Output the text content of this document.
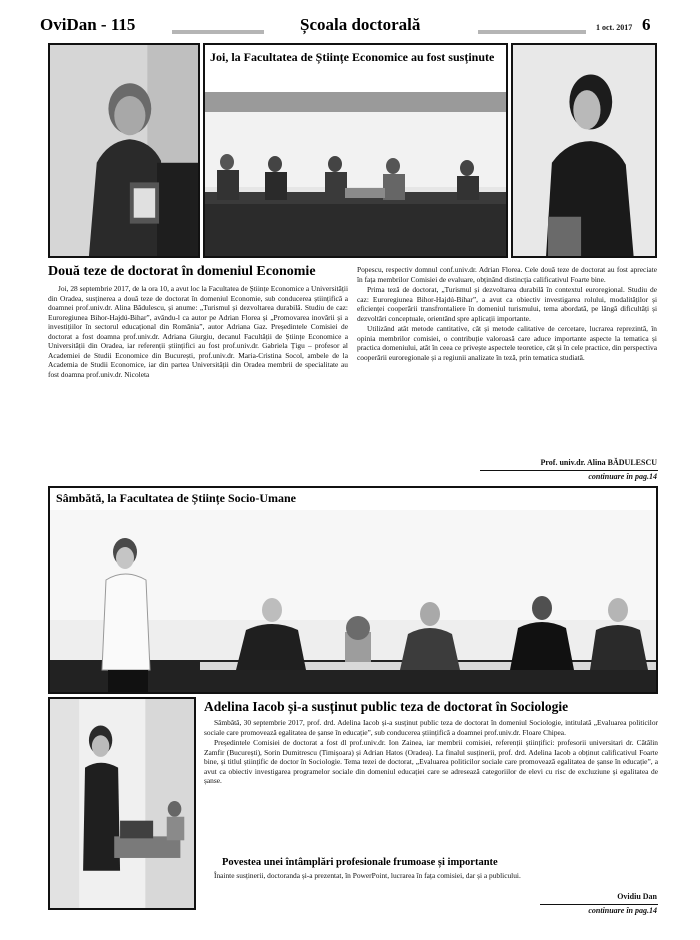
OviDan - 115	Școala doctorală	1 oct. 2017 6
Joi, la Facultatea de Științe Economice au fost susținute
Două teze de doctorat în domeniul Economie

Joi, 28 septembrie 2017, de la ora 10, a avut loc la Facultatea de Științe Economice a Universității din Oradea, susținerea a două teze de doctorat în domeniul Economie, sub conducerea științifică a doamnei prof.univ.dr. Alina Bădulescu, și anume: „Turismul și dezvoltarea durabilă. Studiu de caz: Euroregiunea Bihor-Hajdú-Bihar”, avându-l ca autor pe Adrian Florea și „Promovarea inovării și a investițiilor în sectorul educațional din România”, autor Adriana Gaz. Președintele Comisiei de doctorat a fost doamna prof.univ.dr. Adriana Giurgiu, decanul Facultății de Științe Economice a Universității din Oradea, iar referenții științifici au fost prof.univ.dr. Gabriela Țigu – profesor al Academiei de Studii Economice din București, prof.univ.dr. Maria-Cristina Socol, ambele de la Academia de Studii Economice, iar din partea Universității din Oradea membrii de specialitate au fost doamna prof.univ.dr. Nicoleta

Popescu, respectiv domnul conf.univ.dr. Adrian Florea. Cele două teze de doctorat au fost apreciate în fața membrilor Comisiei de evaluare, obținând distincția calificativul Foarte bine.

Prima teză de doctorat, „Turismul și dezvoltarea durabilă în contextul euroregional. Studiu de caz: Euroregiunea Bihor-Hajdú-Bihar”, a avut ca obiectiv investigarea rolului, modalităților și eficienței cooperării transfrontaliere în domeniul turismului, tema abordată, pe lângă dificultăți și dezvoltări conceptuale, orientând spre aplicații importante.

Utilizând atât metode cantitative, cât și metode calitative de cercetare, lucrarea reprezintă, în opinia membrilor comisiei, o contribuție valoroasă care aduce importante aspecte la tematica și practica domeniului, atât în ceea ce privește aspectele teoretice, cât și în cele practice, din perspectiva cooperării euroregionale și a regiunii analizate în teză, prin tematica studiată.

Prof. univ.dr. Alina BĂDULESCU
continuare în pag.14
Sâmbătă, la Facultatea de Științe Socio-Umane
Adelina Iacob și-a susținut public teza de doctorat în Sociologie

Sâmbătă, 30 septembrie 2017, prof. drd. Adelina Iacob și-a susținut public teza de doctorat în domeniul Sociologie, intitulată „Evaluarea politicilor sociale care promovează egalitatea de șanse în educație”, sub conducerea științifică a doamnei prof.univ.dr. Floare Chipea.

Președintele Comisiei de doctorat a fost dl prof.univ.dr. Ion Zainea, iar membrii comisiei, referenții științifici: profesorii universitari dr. Cătălin Zamfir (București), Sorin Dumitrescu (Timișoara) și Adrian Hatos (Oradea). La finalul susținerii, prof. drd. Adelina Iacob a obținut calificativul Foarte bine, și titlul științific de doctor în Sociologie. Tema tezei de doctorat, „Evaluarea politicilor sociale care promovează egalitatea de șanse în educație”, a avut ca obiectiv investigarea programelor sociale din domeniul educației care se adresează categoriilor de elevi cu risc de excluziune și egalitatea de șanse.

Povestea unei întâmplări profesionale frumoase și importante

Înainte susținerii, doctoranda și-a prezentat, în PowerPoint, lucrarea în fața comisiei, dar și a publicului.

Ovidiu Dan
continuare în pag.14
